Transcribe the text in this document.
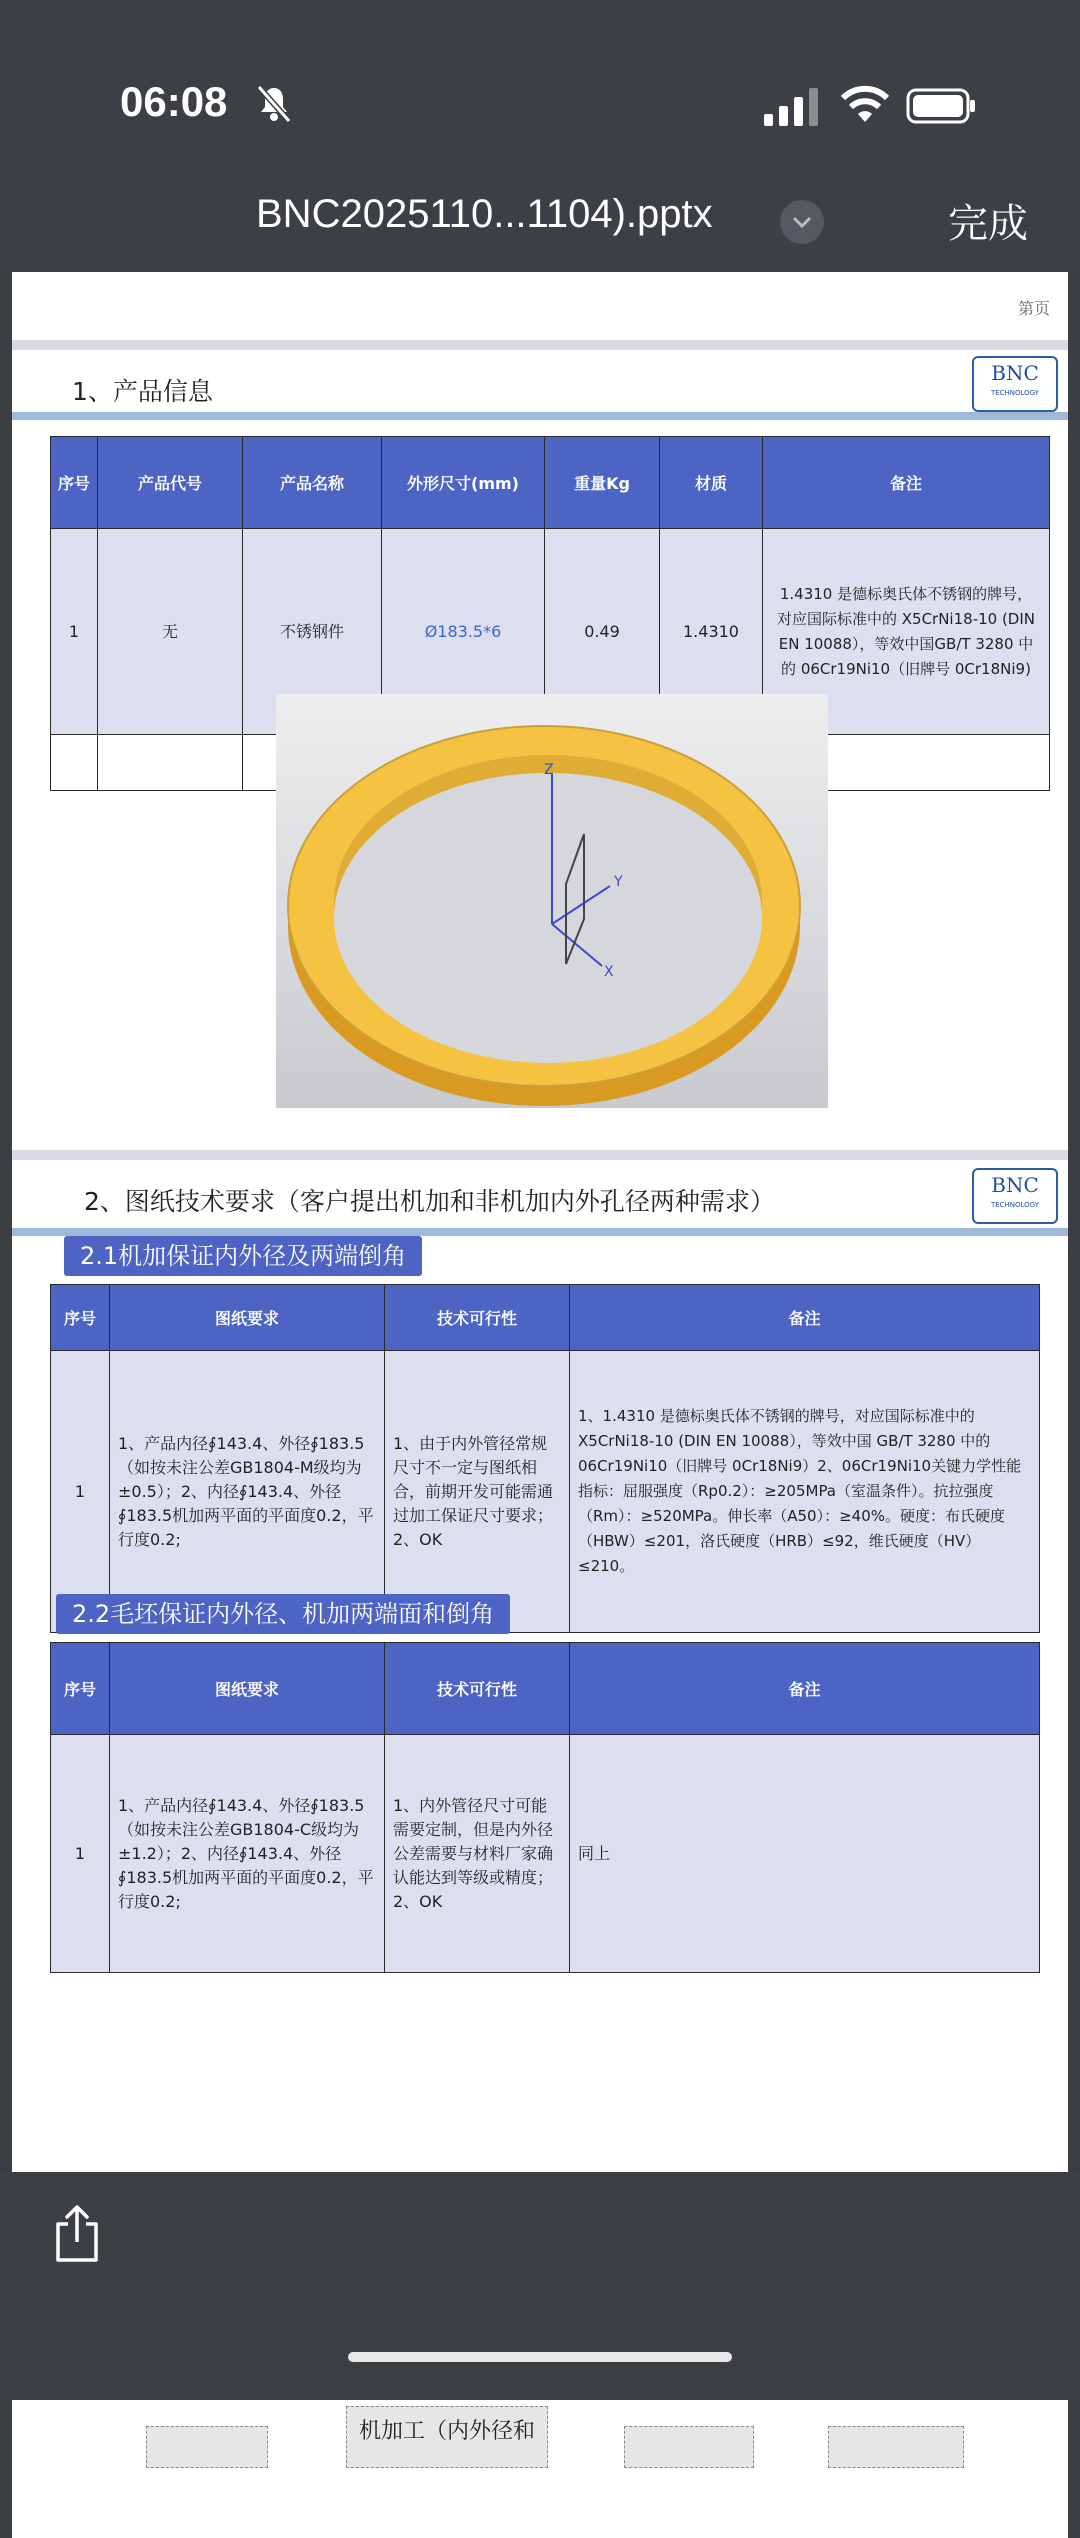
06:08
BNC2025110...1104).pptx	完成
第页
1、产品信息
BNC
TECHNOLOGY
序号	产品代号	产品名称	外形尺寸(mm)	重量Kg	材质	备注
1	无	不锈钢件	Ø183.5*6	0.49	1.4310	1.4310 是德标奥氏体不锈钢的牌号，对应国际标准中的 X5CrNi18-10 (DIN EN 10088），等效中国GB/T 3280 中的 06Cr19Ni10（旧牌号 0Cr18Ni9)

Z
Y
X
2、图纸技术要求（客户提出机加和非机加内外孔径两种需求）
BNC
TECHNOLOGY
2.1机加保证内外径及两端倒角
序号	图纸要求	技术可行性	备注
1	1、产品内径∮143.4、外径∮183.5（如按未注公差GB1804-M级均为±0.5）；2、内径∮143.4、外径∮183.5机加两平面的平面度0.2，平行度0.2;	1、由于内外管径常规尺寸不一定与图纸相合，前期开发可能需通过加工保证尺寸要求；2、OK	1、1.4310 是德标奥氏体不锈钢的牌号，对应国际标准中的 X5CrNi18-10 (DIN EN 10088），等效中国 GB/T 3280 中的 06Cr19Ni10（旧牌号 0Cr18Ni9）2、06Cr19Ni10关键力学性能指标：屈服强度（Rp0.2）：≥205MPa（室温条件）。抗拉强度（Rm）：≥520MPa。伸长率（A50）：≥40%。硬度：布氏硬度（HBW）≤201，洛氏硬度（HRB）≤92，维氏硬度（HV）≤210。
2.2毛坯保证内外径、机加两端面和倒角
序号	图纸要求	技术可行性	备注
1	1、产品内径∮143.4、外径∮183.5（如按未注公差GB1804-C级均为±1.2）；2、内径∮143.4、外径∮183.5机加两平面的平面度0.2，平行度0.2;	1、内外管径尺寸可能需要定制，但是内外径公差需要与材料厂家确认能达到等级或精度；2、OK	同上
机加工（内外径和
